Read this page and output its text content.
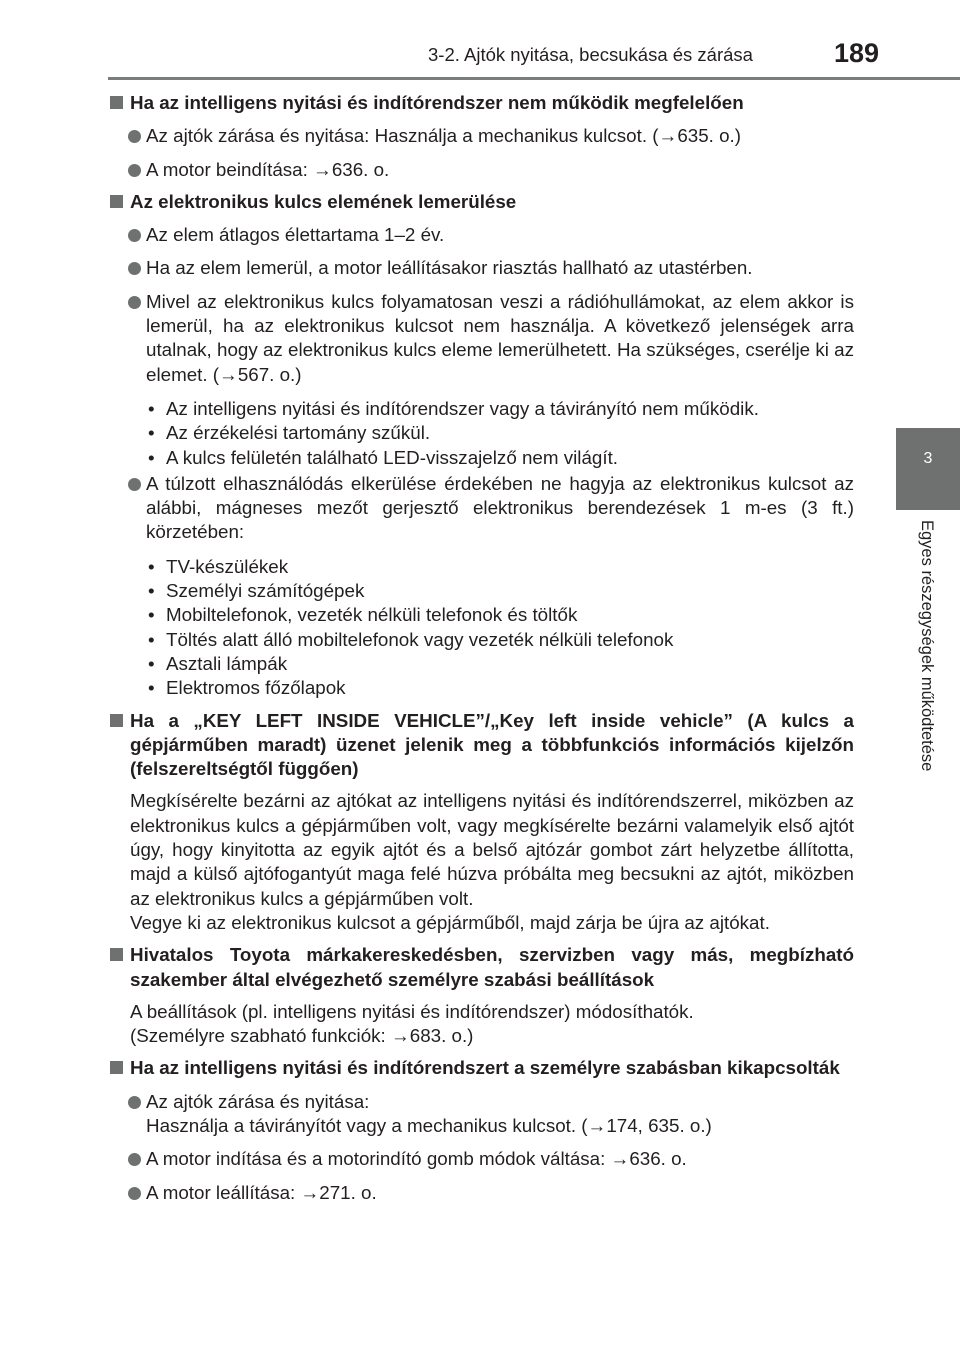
3-2. Ajtók nyitása, becsukása és zárása	189
3
Egyes részegységek működtetése
Ha az intelligens nyitási és indítórendszer nem működik megfelelően
Az ajtók zárása és nyitása: Használja a mechanikus kulcsot. (→635. o.)
A motor beindítása: →636. o.
Az elektronikus kulcs elemének lemerülése
Az elem átlagos élettartama 1–2 év.
Ha az elem lemerül, a motor leállításakor riasztás hallható az utastérben.
Mivel az elektronikus kulcs folyamatosan veszi a rádióhullámokat, az elem akkor is lemerül, ha az elektronikus kulcsot nem használja. A következő jelenségek arra utalnak, hogy az elektronikus kulcs eleme lemerülhetett. Ha szükséges, cserélje ki az elemet. (→567. o.)
• Az intelligens nyitási és indítórendszer vagy a távirányító nem működik.
• Az érzékelési tartomány szűkül.
• A kulcs felületén található LED-visszajelző nem világít.
A túlzott elhasználódás elkerülése érdekében ne hagyja az elektronikus kulcsot az alábbi, mágneses mezőt gerjesztő elektronikus berendezések 1 m-es (3 ft.) körzetében:
• TV-készülékek
• Személyi számítógépek
• Mobiltelefonok, vezeték nélküli telefonok és töltők
• Töltés alatt álló mobiltelefonok vagy vezeték nélküli telefonok
• Asztali lámpák
• Elektromos főzőlapok
Ha a „KEY LEFT INSIDE VEHICLE”/„Key left inside vehicle” (A kulcs a gépjárműben maradt) üzenet jelenik meg a többfunkciós információs kijelzőn (felszereltségtől függően)
Megkísérelte bezárni az ajtókat az intelligens nyitási és indítórendszerrel, miközben az elektronikus kulcs a gépjárműben volt, vagy megkísérelte bezárni valamelyik első ajtót úgy, hogy kinyitotta az egyik ajtót és a belső ajtózár gombot zárt helyzetbe állította, majd a külső ajtófogantyút maga felé húzva próbálta meg becsukni az ajtót, miközben az elektronikus kulcs a gépjárműben volt.
Vegye ki az elektronikus kulcsot a gépjárműből, majd zárja be újra az ajtókat.
Hivatalos Toyota márkakereskedésben, szervizben vagy más, megbízható szakember által elvégezhető személyre szabási beállítások
A beállítások (pl. intelligens nyitási és indítórendszer) módosíthatók.
(Személyre szabható funkciók: →683. o.)
Ha az intelligens nyitási és indítórendszert a személyre szabásban kikapcsolták
Az ajtók zárása és nyitása:
Használja a távirányítót vagy a mechanikus kulcsot. (→174, 635. o.)
A motor indítása és a motorindító gomb módok váltása: →636. o.
A motor leállítása: →271. o.
